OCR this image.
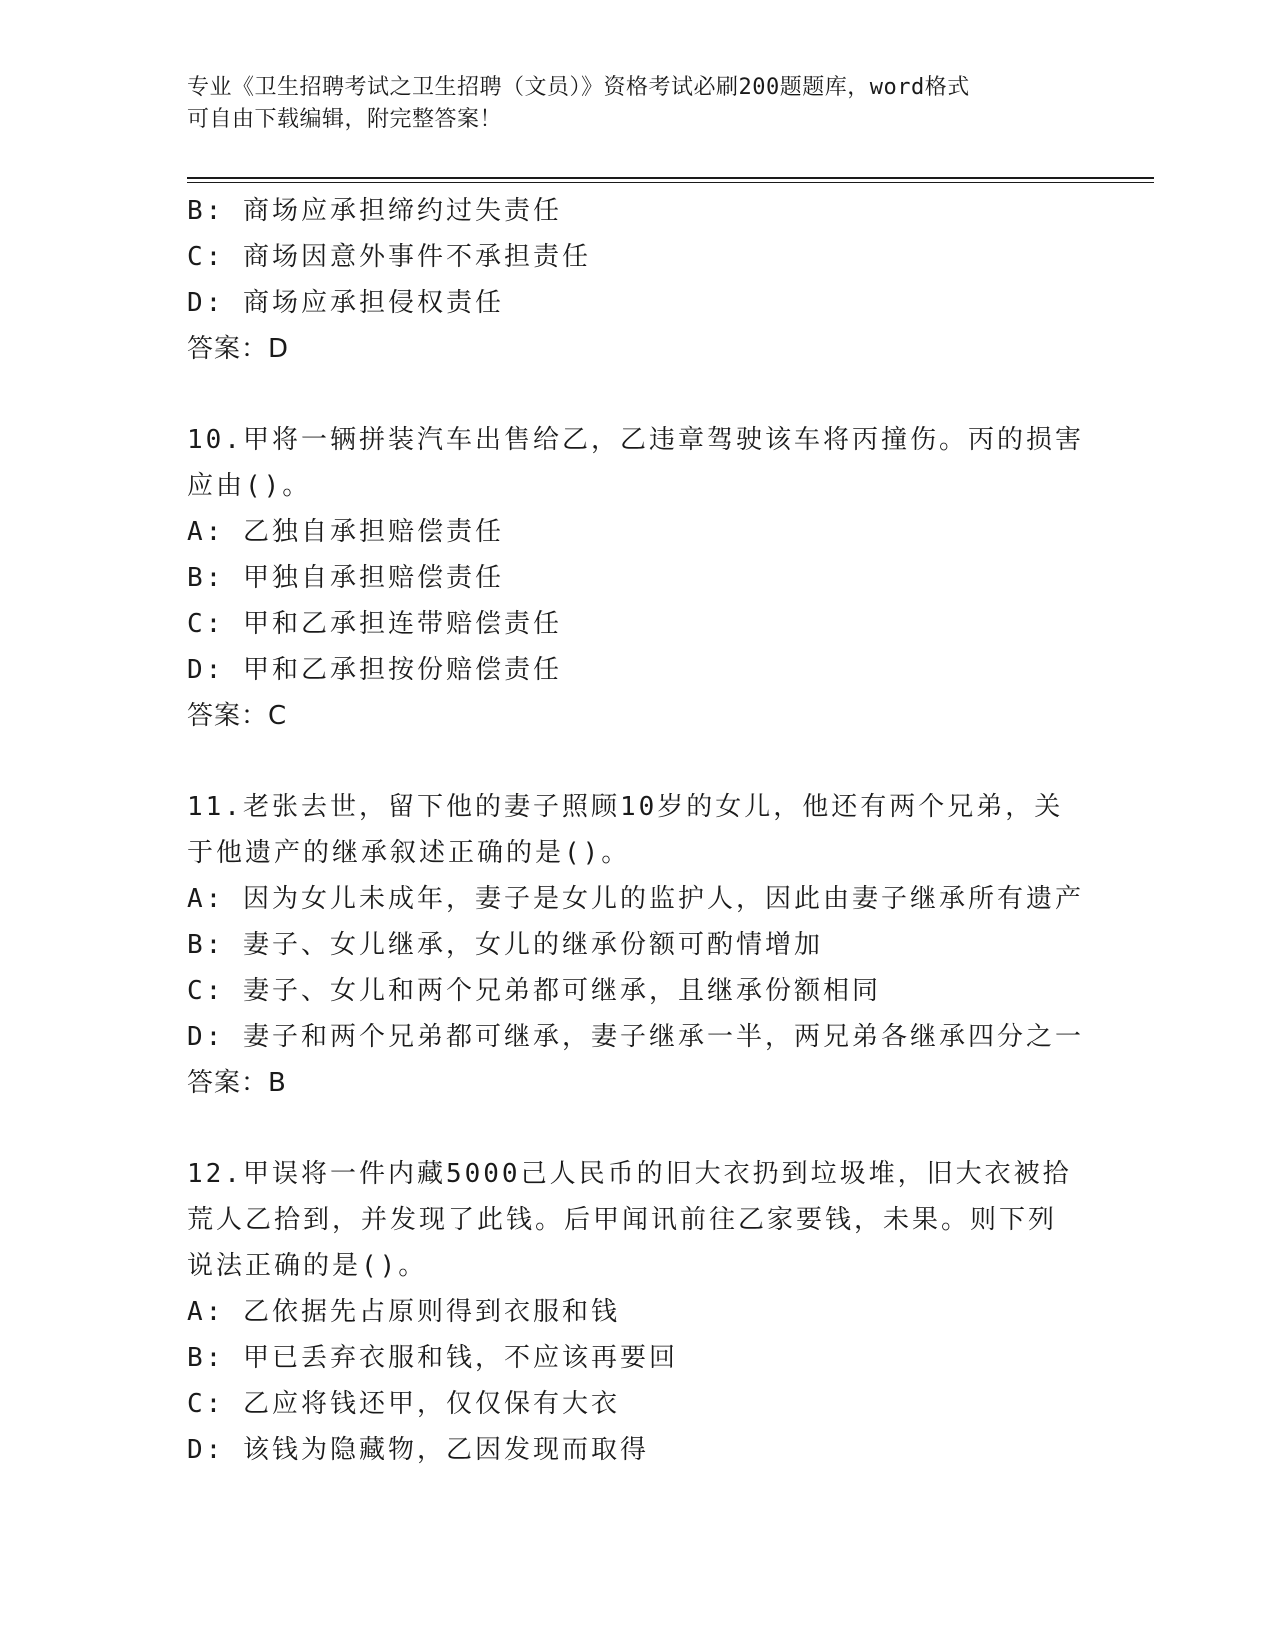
专业《卫生招聘考试之卫生招聘（文员）》资格考试必刷200题题库，word格式
可自由下载编辑，附完整答案！
B: 商场应承担缔约过失责任
C: 商场因意外事件不承担责任
D: 商场应承担侵权责任
答案：D
10.甲将一辆拼装汽车出售给乙，乙违章驾驶该车将丙撞伤。丙的损害
应由()。
A: 乙独自承担赔偿责任
B: 甲独自承担赔偿责任
C: 甲和乙承担连带赔偿责任
D: 甲和乙承担按份赔偿责任
答案：C
11.老张去世，留下他的妻子照顾10岁的女儿，他还有两个兄弟，关
于他遗产的继承叙述正确的是()。
A: 因为女儿未成年，妻子是女儿的监护人，因此由妻子继承所有遗产
B: 妻子、女儿继承，女儿的继承份额可酌情增加
C: 妻子、女儿和两个兄弟都可继承，且继承份额相同
D: 妻子和两个兄弟都可继承，妻子继承一半，两兄弟各继承四分之一
答案：B
12.甲误将一件内藏5000己人民币的旧大衣扔到垃圾堆，旧大衣被拾
荒人乙拾到，并发现了此钱。后甲闻讯前往乙家要钱，未果。则下列
说法正确的是()。
A: 乙依据先占原则得到衣服和钱
B: 甲已丢弃衣服和钱，不应该再要回
C: 乙应将钱还甲，仅仅保有大衣
D: 该钱为隐藏物，乙因发现而取得
